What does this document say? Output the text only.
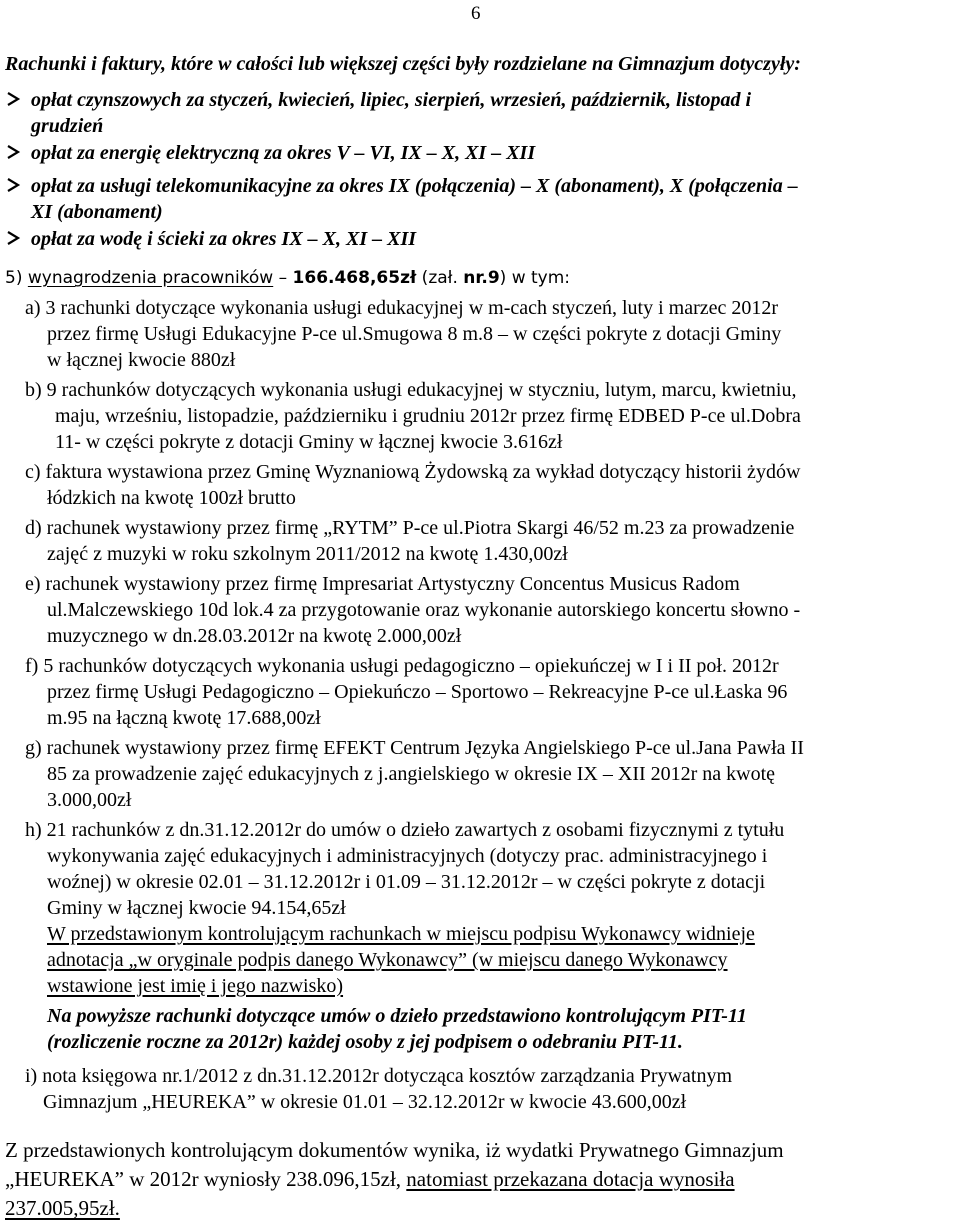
6
Rachunki i faktury, które w całości lub większej części były rozdzielane na Gimnazjum dotyczyły:
opłat czynszowych za styczeń, kwiecień, lipiec, sierpień, wrzesień, październik, listopad i
grudzień
opłat za energię elektryczną za okres V – VI, IX – X, XI – XII
opłat za usługi telekomunikacyjne za okres IX (połączenia) – X (abonament), X (połączenia –
XI (abonament)
opłat za wodę i ścieki za okres IX – X, XI – XII
5) wynagrodzenia pracowników – 166.468,65zł (zał. nr.9) w tym:
a) 3 rachunki dotyczące wykonania usługi edukacyjnej w m-cach styczeń, luty i marzec 2012r
przez firmę Usługi Edukacyjne P-ce ul.Smugowa 8 m.8 – w części pokryte z dotacji Gminy
w łącznej kwocie 880zł
b) 9 rachunków dotyczących wykonania usługi edukacyjnej w styczniu, lutym, marcu, kwietniu,
maju, wrześniu, listopadzie, październiku i grudniu 2012r przez firmę EDBED P-ce ul.Dobra
11- w części pokryte z dotacji Gminy w łącznej kwocie 3.616zł
c) faktura wystawiona przez Gminę Wyznaniową Żydowską za wykład dotyczący historii żydów
łódzkich na kwotę 100zł brutto
d) rachunek wystawiony przez firmę „RYTM” P-ce ul.Piotra Skargi 46/52 m.23 za prowadzenie
zajęć z muzyki w roku szkolnym 2011/2012 na kwotę 1.430,00zł
e) rachunek wystawiony przez firmę Impresariat Artystyczny Concentus Musicus Radom
ul.Malczewskiego 10d lok.4 za przygotowanie oraz wykonanie autorskiego koncertu słowno -
muzycznego w dn.28.03.2012r na kwotę 2.000,00zł
f) 5 rachunków dotyczących wykonania usługi pedagogiczno – opiekuńczej w I i II poł. 2012r
przez firmę Usługi Pedagogiczno – Opiekuńczo – Sportowo – Rekreacyjne P-ce ul.Łaska 96
m.95 na łączną kwotę 17.688,00zł
g) rachunek wystawiony przez firmę EFEKT Centrum Języka Angielskiego P-ce ul.Jana Pawła II
85 za prowadzenie zajęć edukacyjnych z j.angielskiego w okresie IX – XII 2012r na kwotę
3.000,00zł
h) 21 rachunków z dn.31.12.2012r do umów o dzieło zawartych z osobami fizycznymi z tytułu
wykonywania zajęć edukacyjnych i administracyjnych (dotyczy prac. administracyjnego i
woźnej) w okresie 02.01 – 31.12.2012r i 01.09 – 31.12.2012r – w części pokryte z dotacji
Gminy w łącznej kwocie 94.154,65zł
W przedstawionym kontrolującym rachunkach w miejscu podpisu Wykonawcy widnieje
adnotacja „w oryginale podpis danego Wykonawcy” (w miejscu danego Wykonawcy
wstawione jest imię i jego nazwisko)
Na powyższe rachunki dotyczące umów o dzieło przedstawiono kontrolującym PIT-11
(rozliczenie roczne za 2012r) każdej osoby z jej podpisem o odebraniu PIT-11.
i) nota księgowa nr.1/2012 z dn.31.12.2012r dotycząca kosztów zarządzania Prywatnym
Gimnazjum „HEUREKA” w okresie 01.01 – 32.12.2012r w kwocie 43.600,00zł
Z przedstawionych kontrolującym dokumentów wynika, iż wydatki Prywatnego Gimnazjum
„HEUREKA” w 2012r wyniosły 238.096,15zł, natomiast przekazana dotacja wynosiła
237.005,95zł.
